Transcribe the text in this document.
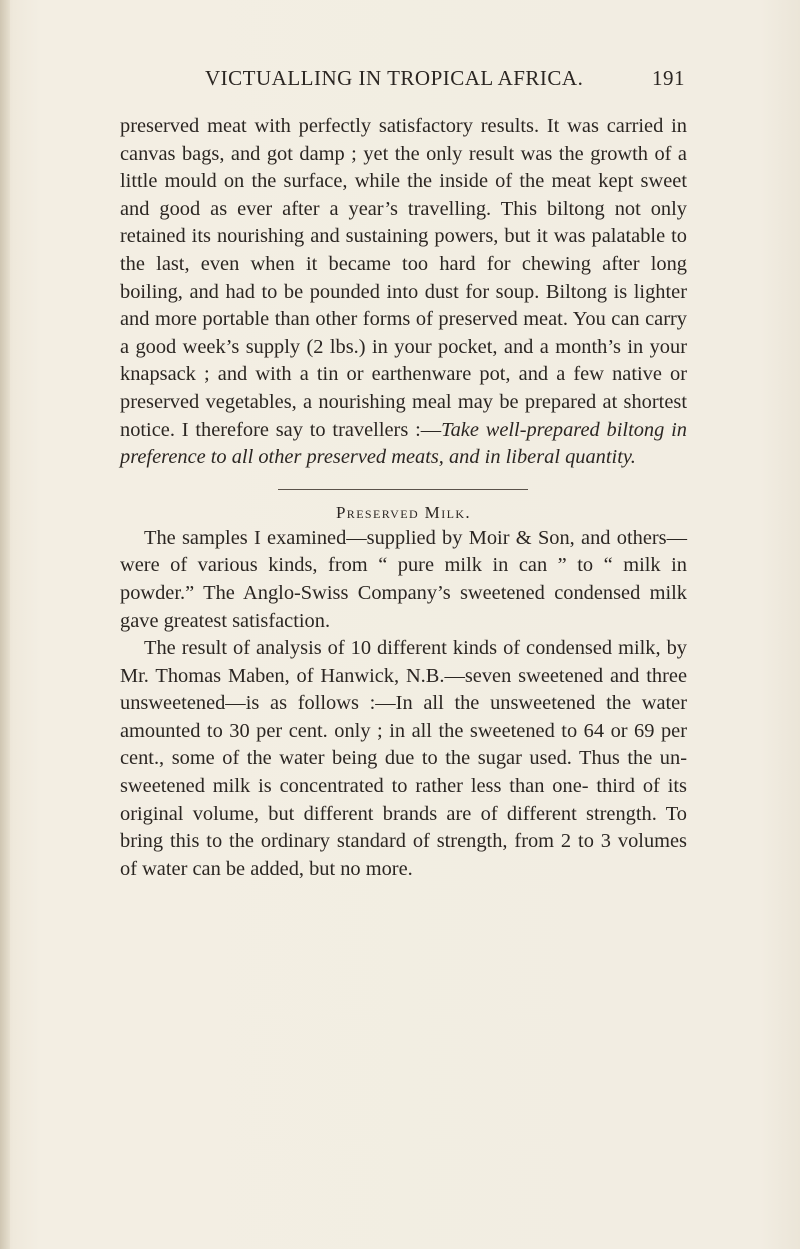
VICTUALLING IN TROPICAL AFRICA.	191

preserved meat with perfectly satisfactory results. It was carried in canvas bags, and got damp ; yet the only result was the growth of a little mould on the surface, while the inside of the meat kept sweet and good as ever after a year’s travelling. This biltong not only retained its nourishing and sustaining powers, but it was palatable to the last, even when it became too hard for chewing after long boiling, and had to be pounded into dust for soup. Biltong is lighter and more portable than other forms of preserved meat. You can carry a good week’s supply (2 lbs.) in your pocket, and a month’s in your knapsack ; and with a tin or earthenware pot, and a few native or preserved vegetables, a nourishing meal may be prepared at shortest notice. I therefore say to travellers :—Take well-prepared biltong in preference to all other preserved meats, and in liberal quantity.

Preserved Milk.

The samples I examined—supplied by Moir & Son, and others—were of various kinds, from “ pure milk in can ” to “ milk in powder.” The Anglo-Swiss Company’s sweetened condensed milk gave greatest satisfaction.

The result of analysis of 10 different kinds of condensed milk, by Mr. Thomas Maben, of Hanwick, N.B.—seven sweetened and three unsweetened—is as follows :—In all the unsweetened the water amounted to 30 per cent. only ; in all the sweetened to 64 or 69 per cent., some of the water being due to the sugar used. Thus the un- sweetened milk is concentrated to rather less than one- third of its original volume, but different brands are of different strength. To bring this to the ordinary standard of strength, from 2 to 3 volumes of water can be added, but no more.
